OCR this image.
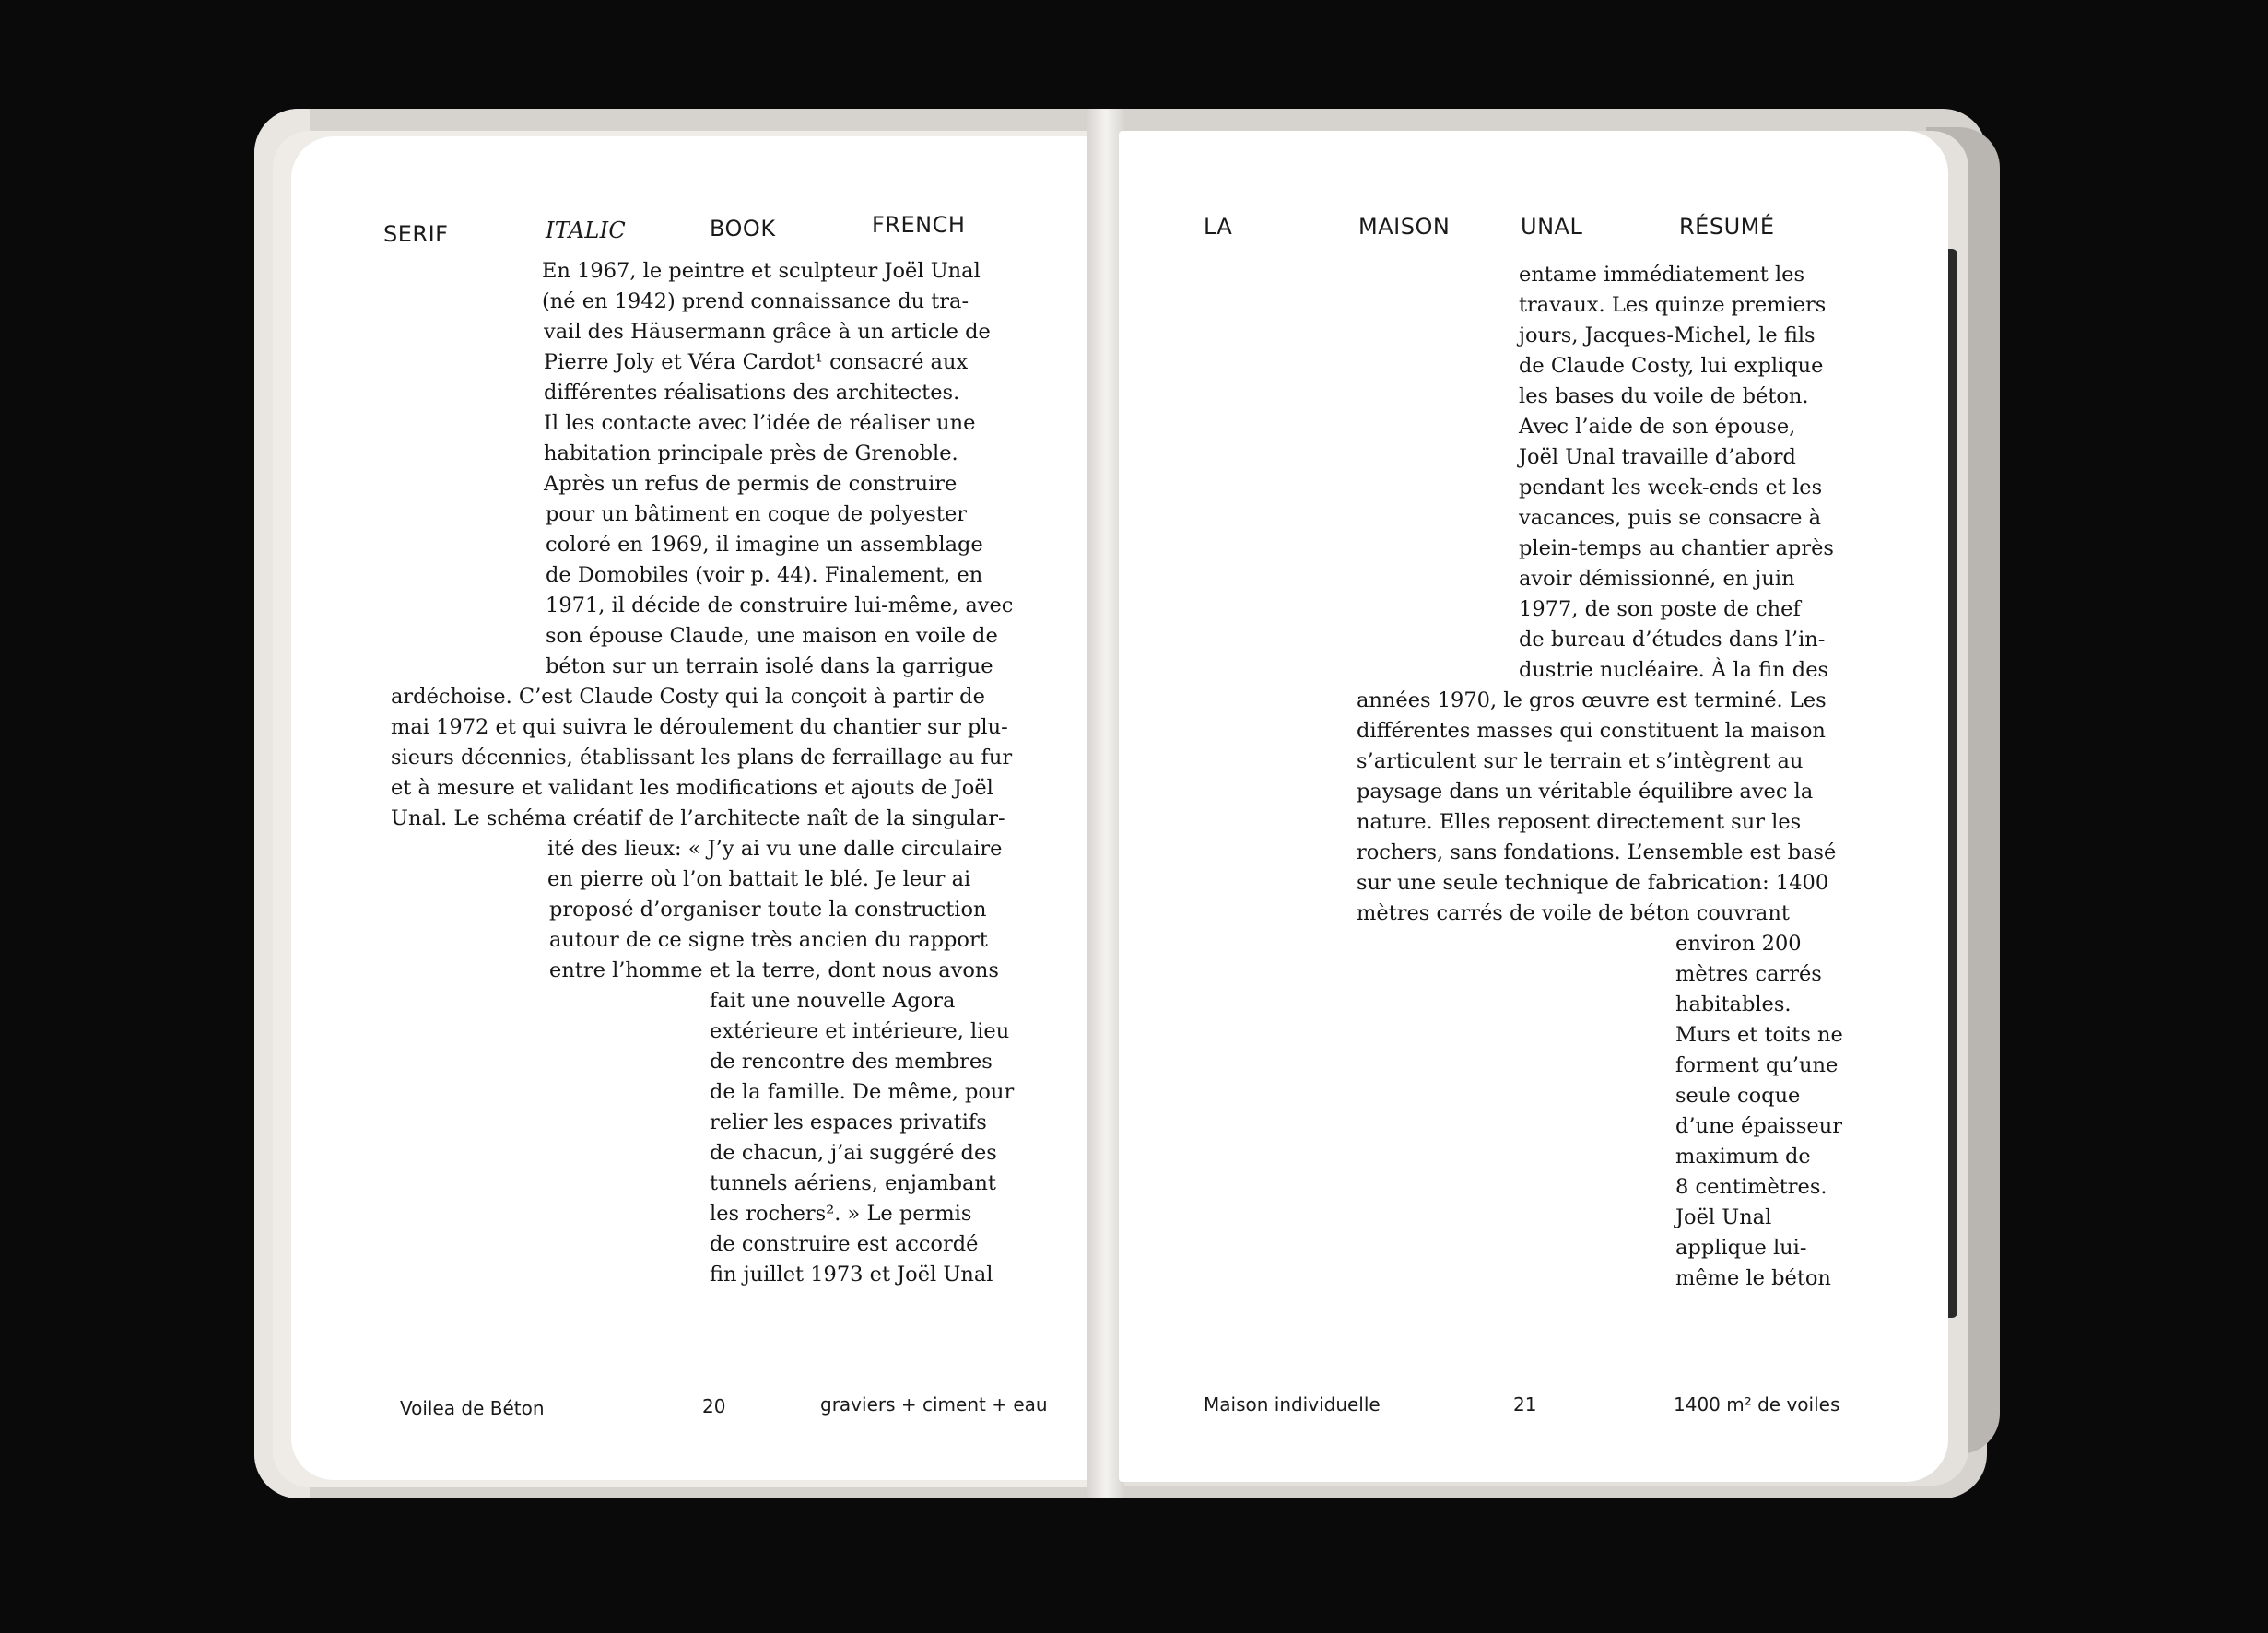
SERIF	ITALIC	BOOK	FRENCH
En 1967, le peintre et sculpteur Joël Unal
(né en 1942) prend connaissance du tra-
vail des Häusermann grâce à un article de
Pierre Joly et Véra Cardot¹ consacré aux
différentes réalisations des architectes.
Il les contacte avec l’idée de réaliser une
habitation principale près de Grenoble.
Après un refus de permis de construire
pour un bâtiment en coque de polyester
coloré en 1969, il imagine un assemblage
de Domobiles (voir p. 44). Finalement, en
1971, il décide de construire lui-même, avec
son épouse Claude, une maison en voile de
béton sur un terrain isolé dans la garrigue
ardéchoise. C’est Claude Costy qui la conçoit à partir de
mai 1972 et qui suivra le déroulement du chantier sur plu-
sieurs décennies, établissant les plans de ferraillage au fur
et à mesure et validant les modifications et ajouts de Joël
Unal. Le schéma créatif de l’architecte naît de la singular-
ité des lieux: « J’y ai vu une dalle circulaire
en pierre où l’on battait le blé. Je leur ai
proposé d’organiser toute la construction
autour de ce signe très ancien du rapport
entre l’homme et la terre, dont nous avons
fait une nouvelle Agora
extérieure et intérieure, lieu
de rencontre des membres
de la famille. De même, pour
relier les espaces privatifs
de chacun, j’ai suggéré des
tunnels aériens, enjambant
les rochers². » Le permis
de construire est accordé
fin juillet 1973 et Joël Unal
Voilea de Béton	20	graviers + ciment + eau
LA	MAISON	UNAL	RÉSUMÉ
entame immédiatement les
travaux. Les quinze premiers
jours, Jacques-Michel, le fils
de Claude Costy, lui explique
les bases du voile de béton.
Avec l’aide de son épouse,
Joël Unal travaille d’abord
pendant les week-ends et les
vacances, puis se consacre à
plein-temps au chantier après
avoir démissionné, en juin
1977, de son poste de chef
de bureau d’études dans l’in-
dustrie nucléaire. À la fin des
années 1970, le gros œuvre est terminé. Les
différentes masses qui constituent la maison
s’articulent sur le terrain et s’intègrent au
paysage dans un véritable équilibre avec la
nature. Elles reposent directement sur les
rochers, sans fondations. L’ensemble est basé
sur une seule technique de fabrication: 1400
mètres carrés de voile de béton couvrant
environ 200
mètres carrés
habitables.
Murs et toits ne
forment qu’une
seule coque
d’une épaisseur
maximum de
8 centimètres.
Joël Unal
applique lui-
même le béton
Maison individuelle	21	1400 m² de voiles
